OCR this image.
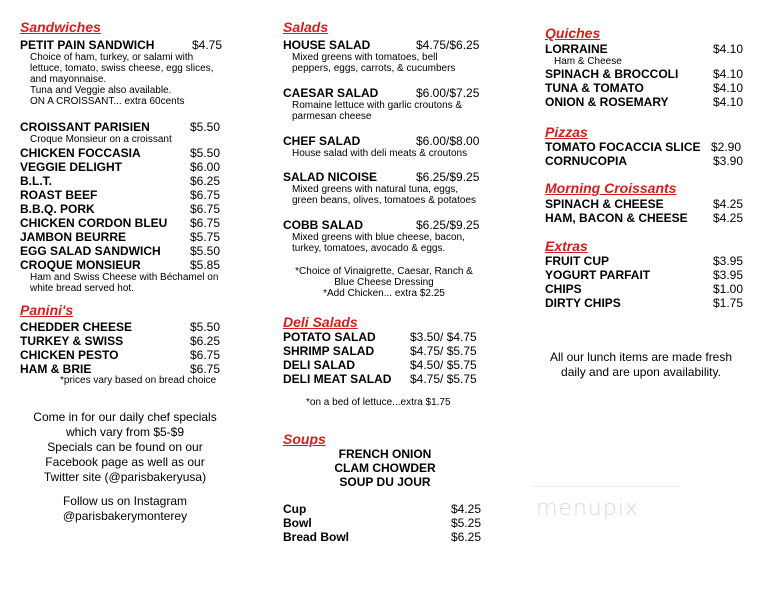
Sandwiches
PETIT PAIN SANDWICH	$4.75
Choice of ham, turkey, or salami with
lettuce, tomato, swiss cheese, egg slices,
and mayonnaise.
Tuna and Veggie also available.
ON A CROISSANT... extra 60cents
CROISSANT PARISIEN	$5.50
Croque Monsieur on a croissant
CHICKEN FOCCASIA	$5.50
VEGGIE DELIGHT	$6.00
B.L.T.	$6.25
ROAST BEEF	$6.75
B.B.Q. PORK	$6.75
CHICKEN CORDON BLEU $6.75
JAMBON BEURRE	$5.75
EGG SALAD SANDWICH $5.50
CROQUE MONSIEUR	$5.85
Ham and Swiss Cheese with Béchamel on
white bread served hot.
Panini's
CHEDDER CHEESE	$5.50
TURKEY & SWISS	$6.25
CHICKEN PESTO	$6.75
HAM & BRIE	$6.75
*prices vary based on bread choice
Come in for our daily chef specials
which vary from $5-$9
Specials can be found on our
Facebook page as well as our
Twitter site (@parisbakeryusa)
Follow us on Instagram
@parisbakerymonterey
Salads
HOUSE SALAD	$4.75/$6.25
Mixed greens with tomatoes, bell
peppers, eggs, carrots, & cucumbers
CAESAR SALAD	$6.00/$7.25
Romaine lettuce with garlic croutons &
parmesan cheese
CHEF SALAD	$6.00/$8.00
House salad with deli meats & croutons
SALAD NICOISE	$6.25/$9.25
Mixed greens with natural tuna, eggs,
green beans, olives, tomatoes & potatoes
COBB SALAD	$6.25/$9.25
Mixed greens with blue cheese, bacon,
turkey, tomatoes, avocado & eggs.
*Choice of Vinaigrette, Caesar, Ranch &
Blue Cheese Dressing
*Add Chicken... extra $2.25
Deli Salads
POTATO SALAD	$3.50/ $4.75
SHRIMP SALAD	$4.75/ $5.75
DELI SALAD	$4.50/ $5.75
DELI MEAT SALAD $4.75/ $5.75
*on a bed of lettuce...extra $1.75
Soups
FRENCH ONION
CLAM CHOWDER
SOUP DU JOUR
Cup	$4.25
Bowl	$5.25
Bread Bowl	$6.25
Quiches
LORRAINE	$4.10
Ham & Cheese
SPINACH & BROCCOLI	$4.10
TUNA & TOMATO	$4.10
ONION & ROSEMARY	$4.10
Pizzas
TOMATO FOCACCIA SLICE $2.90
CORNUCOPIA	$3.90
Morning Croissants
SPINACH & CHEESE	$4.25
HAM, BACON & CHEESE $4.25
Extras
FRUIT CUP	$3.95
YOGURT PARFAIT	$3.95
CHIPS	$1.00
DIRTY CHIPS	$1.75
All our lunch items are made fresh
daily and are upon availability.
menupix
